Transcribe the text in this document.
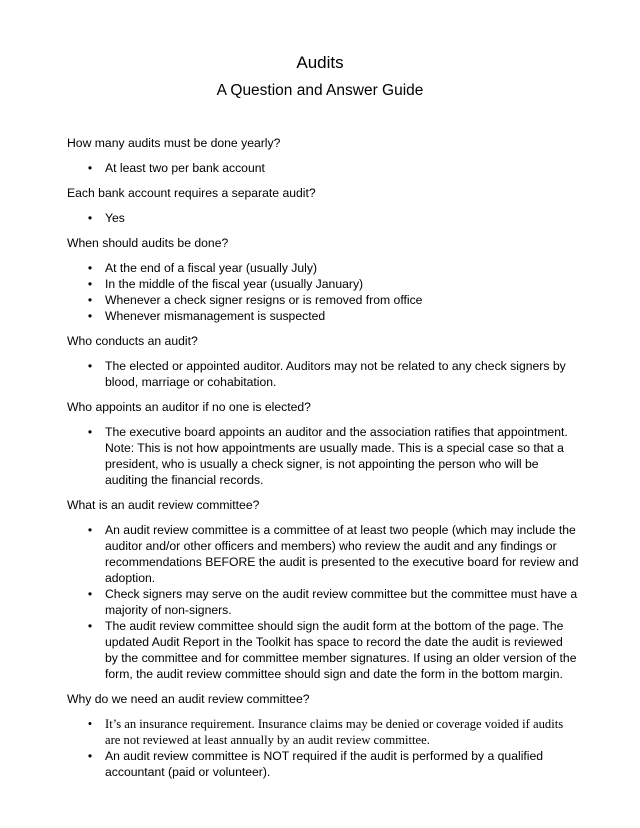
Audits
A Question and Answer Guide

How many audits must be done yearly?

• At least two per bank account

Each bank account requires a separate audit?

• Yes

When should audits be done?

• At the end of a fiscal year (usually July)
• In the middle of the fiscal year (usually January)
• Whenever a check signer resigns or is removed from office
• Whenever mismanagement is suspected

Who conducts an audit?

• The elected or appointed auditor. Auditors may not be related to any check signers by blood, marriage or cohabitation.

Who appoints an auditor if no one is elected?

• The executive board appoints an auditor and the association ratifies that appointment. Note: This is not how appointments are usually made. This is a special case so that a president, who is usually a check signer, is not appointing the person who will be auditing the financial records.

What is an audit review committee?

• An audit review committee is a committee of at least two people (which may include the auditor and/or other officers and members) who review the audit and any findings or recommendations BEFORE the audit is presented to the executive board for review and adoption.
• Check signers may serve on the audit review committee but the committee must have a majority of non-signers.
• The audit review committee should sign the audit form at the bottom of the page. The updated Audit Report in the Toolkit has space to record the date the audit is reviewed by the committee and for committee member signatures. If using an older version of the form, the audit review committee should sign and date the form in the bottom margin.

Why do we need an audit review committee?

• It’s an insurance requirement. Insurance claims may be denied or coverage voided if audits are not reviewed at least annually by an audit review committee.
• An audit review committee is NOT required if the audit is performed by a qualified accountant (paid or volunteer).
